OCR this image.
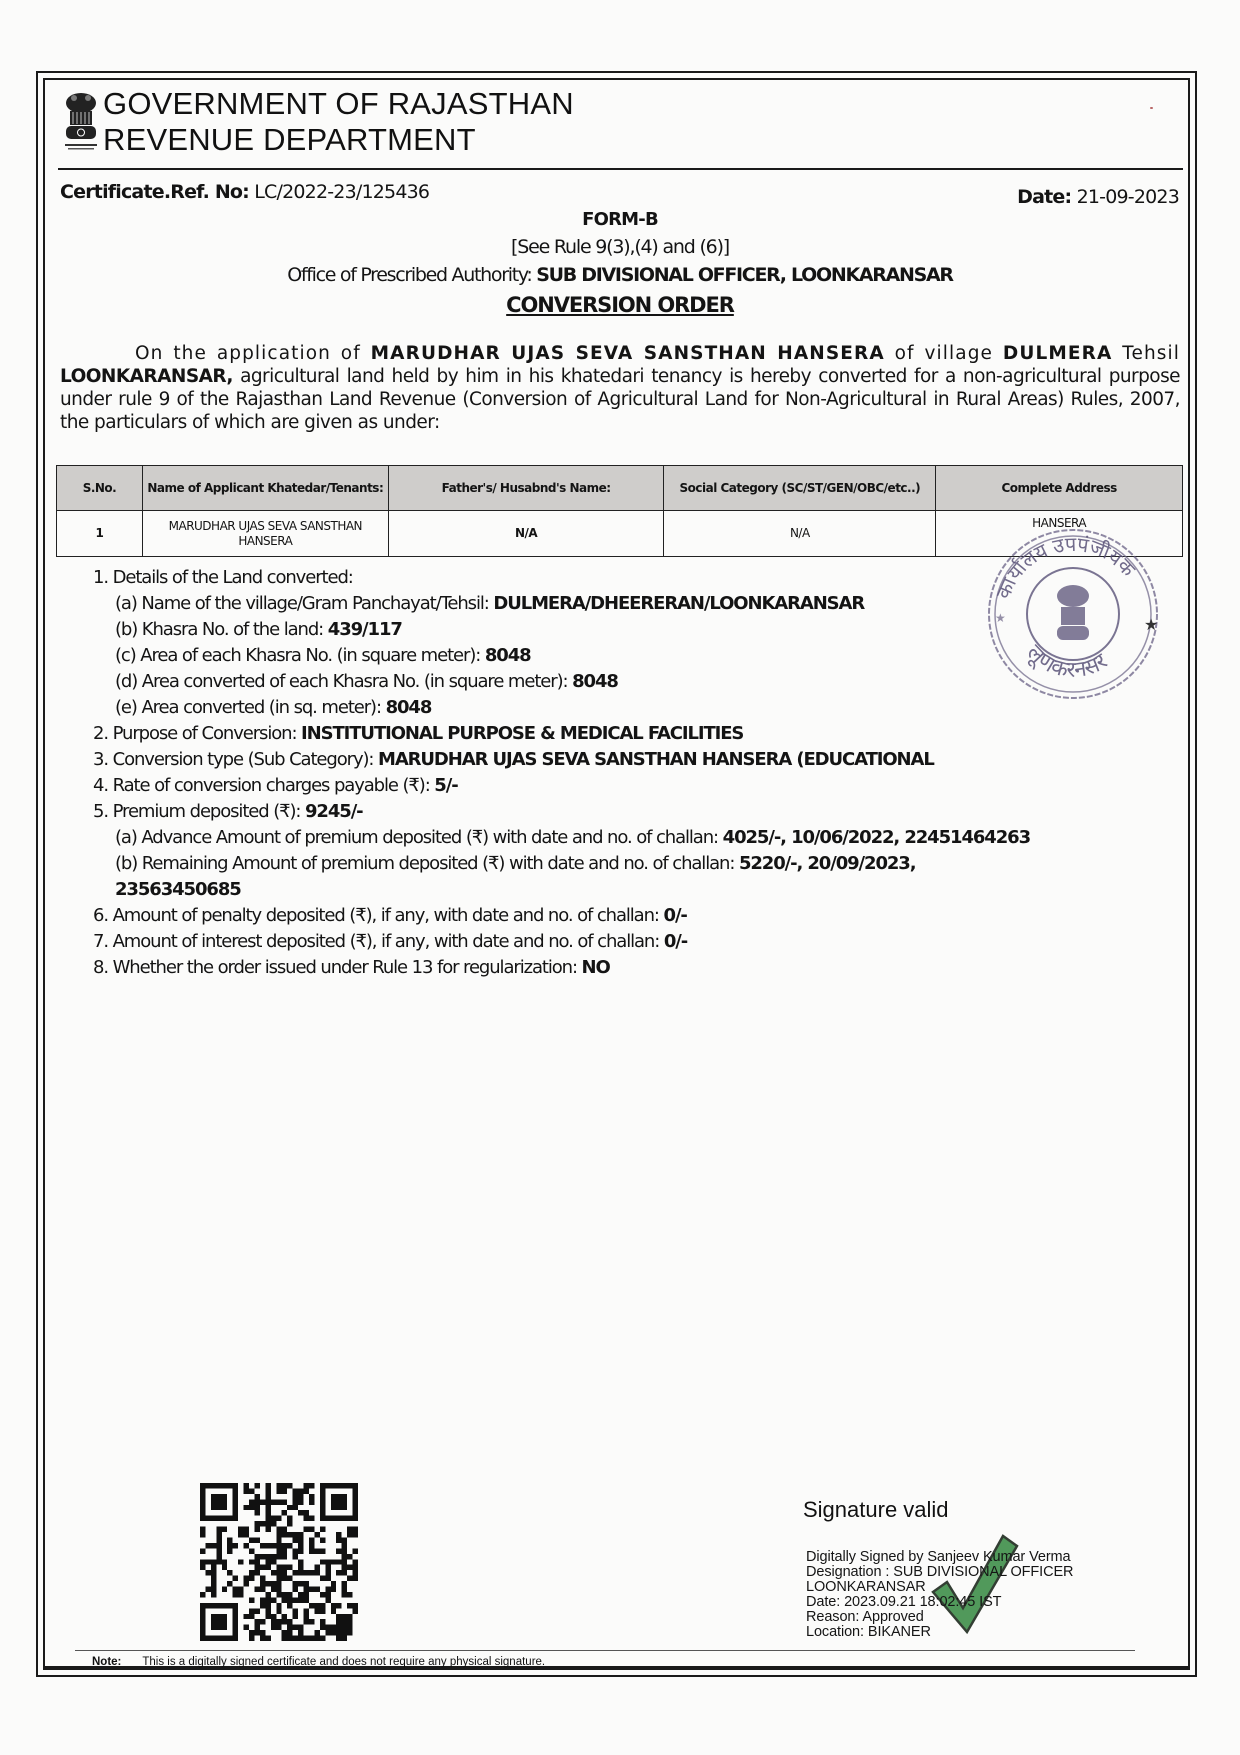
GOVERNMENT OF RAJASTHAN
REVENUE DEPARTMENT
Certificate.Ref. No: LC/2022-23/125436	Date: 21-09-2023
FORM-B
[See Rule 9(3),(4) and (6)]
Office of Prescribed Authority: SUB DIVISIONAL OFFICER, LOONKARANSAR
CONVERSION ORDER
On the application of MARUDHAR UJAS SEVA SANSTHAN HANSERA of village DULMERA Tehsil LOONKARANSAR, agricultural land held by him in his khatedari tenancy is hereby converted for a non-agricultural purpose under rule 9 of the Rajasthan Land Revenue (Conversion of Agricultural Land for Non-Agricultural in Rural Areas) Rules, 2007, the particulars of which are given as under:
S.No.	Name of Applicant Khatedar/Tenants:	Father's/ Husabnd's Name:	Social Category (SC/ST/GEN/OBC/etc..)	Complete Address
1	MARUDHAR UJAS SEVA SANSTHAN HANSERA	N/A	N/A	HANSERA
कार्यालय उपपंजीयक
लूणकरनसर
★
★
1. Details of the Land converted:
(a) Name of the village/Gram Panchayat/Tehsil: DULMERA/DHEERERAN/LOONKARANSAR
(b) Khasra No. of the land: 439/117
(c) Area of each Khasra No. (in square meter): 8048
(d) Area converted of each Khasra No. (in square meter): 8048
(e) Area converted (in sq. meter): 8048
2. Purpose of Conversion: INSTITUTIONAL PURPOSE & MEDICAL FACILITIES
3. Conversion type (Sub Category): MARUDHAR UJAS SEVA SANSTHAN HANSERA (EDUCATIONAL
4. Rate of conversion charges payable (₹): 5/-
5. Premium deposited (₹): 9245/-
(a) Advance Amount of premium deposited (₹) with date and no. of challan: 4025/-, 10/06/2022, 22451464263
(b) Remaining Amount of premium deposited (₹) with date and no. of challan: 5220/-, 20/09/2023,
23563450685
6. Amount of penalty deposited (₹), if any, with date and no. of challan: 0/-
7. Amount of interest deposited (₹), if any, with date and no. of challan: 0/-
8. Whether the order issued under Rule 13 for regularization: NO
Signature valid
Digitally Signed by Sanjeev Kumar Verma
Designation : SUB DIVISIONAL OFFICER
LOONKARANSAR
Date: 2023.09.21 18:02:45 IST
Reason: Approved
Location: BIKANER
Note: This is a digitally signed certificate and does not require any physical signature.
